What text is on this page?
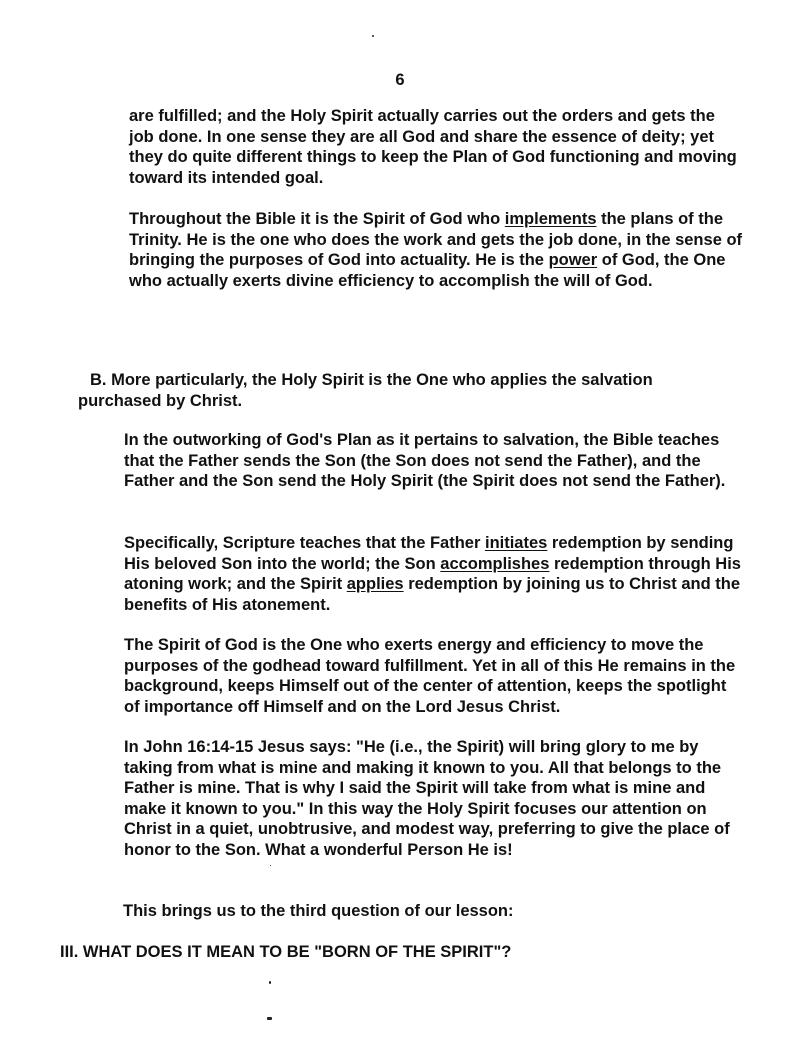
6

are fulfilled; and the Holy Spirit actually carries out the orders and gets the job done. In one sense they are all God and share the essence of deity; yet they do quite different things to keep the Plan of God functioning and moving toward its intended goal.

Throughout the Bible it is the Spirit of God who implements the plans of the Trinity. He is the one who does the work and gets the job done, in the sense of bringing the purposes of God into actuality. He is the power of God, the One who actually exerts divine efficiency to accomplish the will of God.

B. More particularly, the Holy Spirit is the One who applies the salvation purchased by Christ.

In the outworking of God's Plan as it pertains to salvation, the Bible teaches that the Father sends the Son (the Son does not send the Father), and the Father and the Son send the Holy Spirit (the Spirit does not send the Father).

Specifically, Scripture teaches that the Father initiates redemption by sending His beloved Son into the world; the Son accomplishes redemption through His atoning work; and the Spirit applies redemption by joining us to Christ and the benefits of His atonement.

The Spirit of God is the One who exerts energy and efficiency to move the purposes of the godhead toward fulfillment. Yet in all of this He remains in the background, keeps Himself out of the center of attention, keeps the spotlight of importance off Himself and on the Lord Jesus Christ.

In John 16:14-15 Jesus says: "He (i.e., the Spirit) will bring glory to me by taking from what is mine and making it known to you. All that belongs to the Father is mine. That is why I said the Spirit will take from what is mine and make it known to you." In this way the Holy Spirit focuses our attention on Christ in a quiet, unobtrusive, and modest way, preferring to give the place of honor to the Son. What a wonderful Person He is!

This brings us to the third question of our lesson:

III. WHAT DOES IT MEAN TO BE "BORN OF THE SPIRIT"?
